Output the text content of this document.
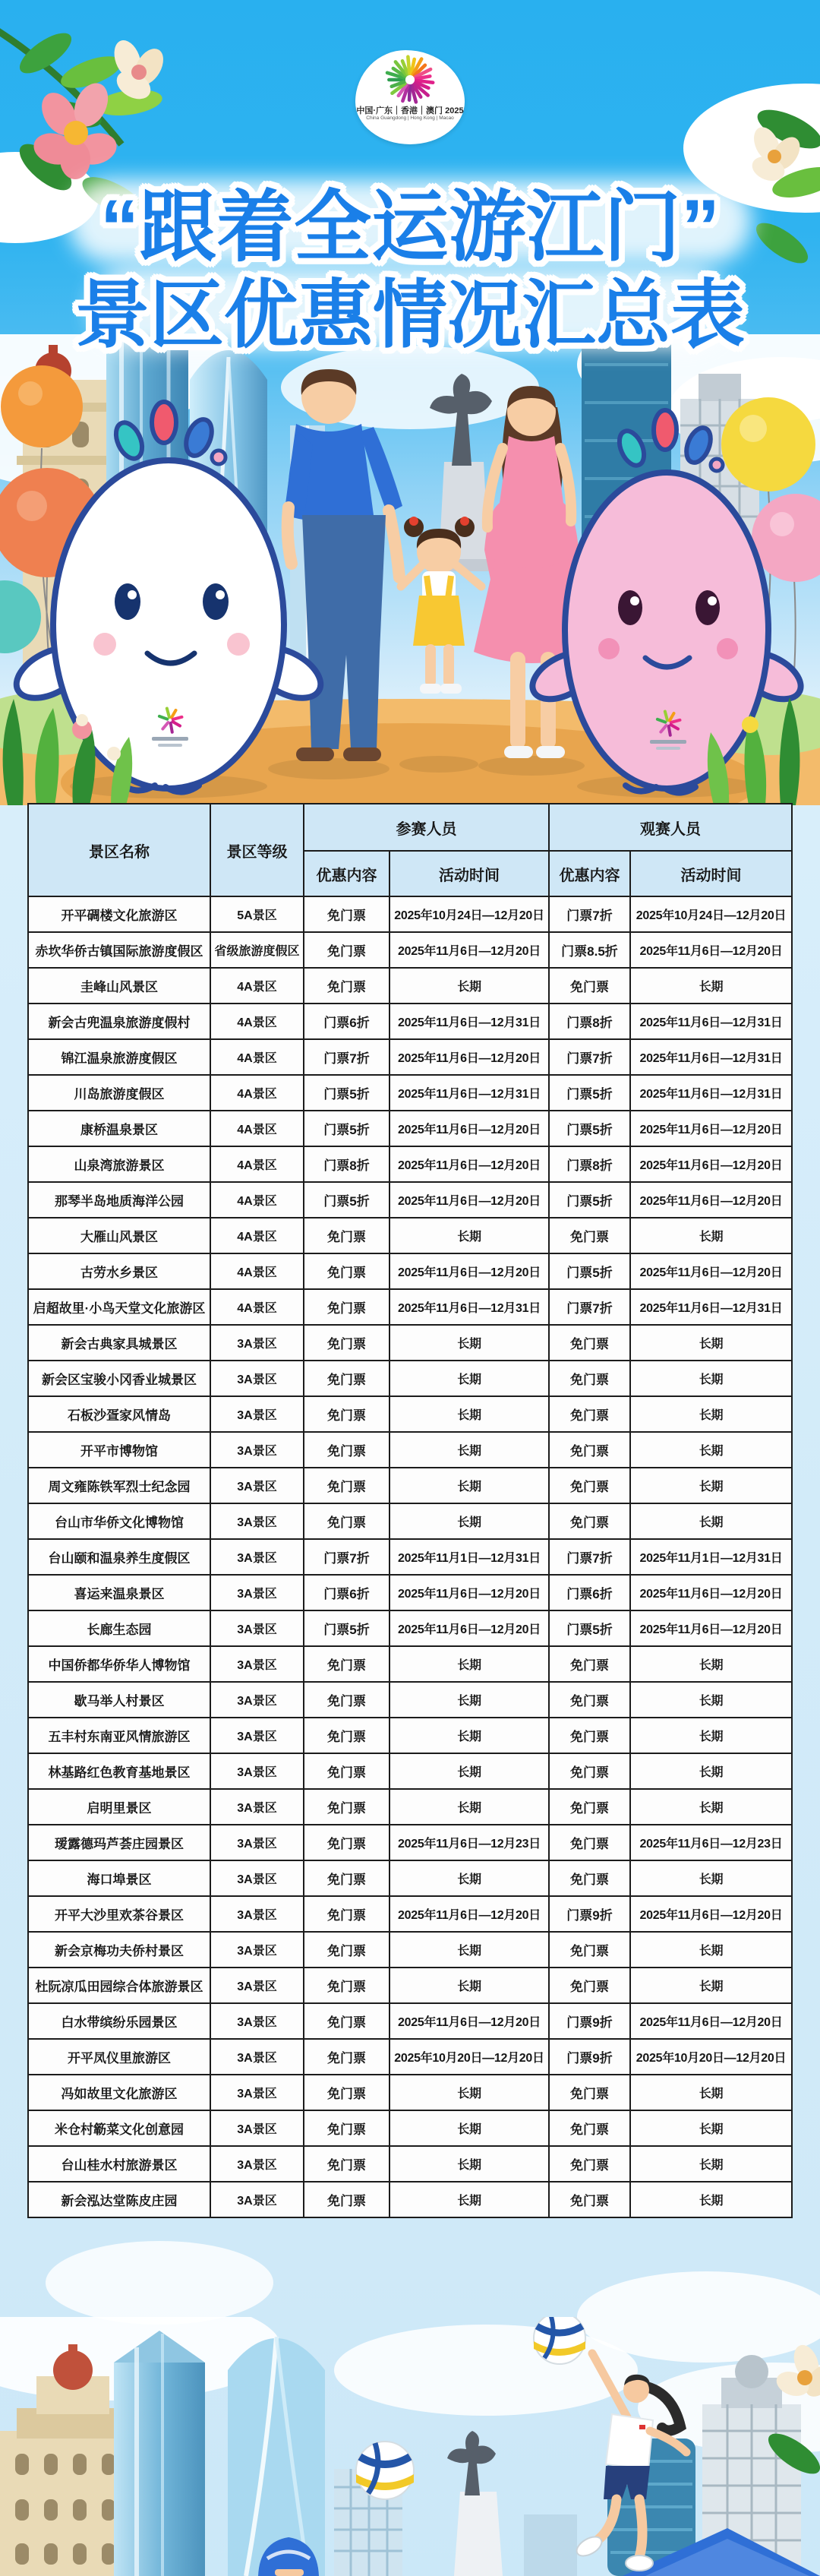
中国·广东｜香港｜澳门 2025
China Guangdong | Hong Kong | Macao
“跟着全运游江门”
景区优惠情况汇总表
景区名称	景区等级	参赛人员		观赛人员	
		优惠内容	活动时间	优惠内容	活动时间
开平碉楼文化旅游区	5A景区	免门票	2025年10月24日—12月20日	门票7折	2025年10月24日—12月20日
赤坎华侨古镇国际旅游度假区	省级旅游度假区	免门票	2025年11月6日—12月20日	门票8.5折	2025年11月6日—12月20日
圭峰山风景区	4A景区	免门票	长期	免门票	长期
新会古兜温泉旅游度假村	4A景区	门票6折	2025年11月6日—12月31日	门票8折	2025年11月6日—12月31日
锦江温泉旅游度假区	4A景区	门票7折	2025年11月6日—12月20日	门票7折	2025年11月6日—12月31日
川岛旅游度假区	4A景区	门票5折	2025年11月6日—12月31日	门票5折	2025年11月6日—12月31日
康桥温泉景区	4A景区	门票5折	2025年11月6日—12月20日	门票5折	2025年11月6日—12月20日
山泉湾旅游景区	4A景区	门票8折	2025年11月6日—12月20日	门票8折	2025年11月6日—12月20日
那琴半岛地质海洋公园	4A景区	门票5折	2025年11月6日—12月20日	门票5折	2025年11月6日—12月20日
大雁山风景区	4A景区	免门票	长期	免门票	长期
古劳水乡景区	4A景区	免门票	2025年11月6日—12月20日	门票5折	2025年11月6日—12月20日
启超故里·小鸟天堂文化旅游区	4A景区	免门票	2025年11月6日—12月31日	门票7折	2025年11月6日—12月31日
新会古典家具城景区	3A景区	免门票	长期	免门票	长期
新会区宝骏小冈香业城景区	3A景区	免门票	长期	免门票	长期
石板沙疍家风情岛	3A景区	免门票	长期	免门票	长期
开平市博物馆	3A景区	免门票	长期	免门票	长期
周文雍陈铁军烈士纪念园	3A景区	免门票	长期	免门票	长期
台山市华侨文化博物馆	3A景区	免门票	长期	免门票	长期
台山颐和温泉养生度假区	3A景区	门票7折	2025年11月1日—12月31日	门票7折	2025年11月1日—12月31日
喜运来温泉景区	3A景区	门票6折	2025年11月6日—12月20日	门票6折	2025年11月6日—12月20日
长廊生态园	3A景区	门票5折	2025年11月6日—12月20日	门票5折	2025年11月6日—12月20日
中国侨都华侨华人博物馆	3A景区	免门票	长期	免门票	长期
歇马举人村景区	3A景区	免门票	长期	免门票	长期
五丰村东南亚风情旅游区	3A景区	免门票	长期	免门票	长期
林基路红色教育基地景区	3A景区	免门票	长期	免门票	长期
启明里景区	3A景区	免门票	长期	免门票	长期
瑷露德玛芦荟庄园景区	3A景区	免门票	2025年11月6日—12月23日	免门票	2025年11月6日—12月23日
海口埠景区	3A景区	免门票	长期	免门票	长期
开平大沙里欢茶谷景区	3A景区	免门票	2025年11月6日—12月20日	门票9折	2025年11月6日—12月20日
新会京梅功夫侨村景区	3A景区	免门票	长期	免门票	长期
杜阮凉瓜田园综合体旅游景区	3A景区	免门票	长期	免门票	长期
白水带缤纷乐园景区	3A景区	免门票	2025年11月6日—12月20日	门票9折	2025年11月6日—12月20日
开平凤仪里旅游区	3A景区	免门票	2025年10月20日—12月20日	门票9折	2025年10月20日—12月20日
冯如故里文化旅游区	3A景区	免门票	长期	免门票	长期
米仓村簕菜文化创意园	3A景区	免门票	长期	免门票	长期
台山桂水村旅游景区	3A景区	免门票	长期	免门票	长期
新会泓达堂陈皮庄园	3A景区	免门票	长期	免门票	长期
